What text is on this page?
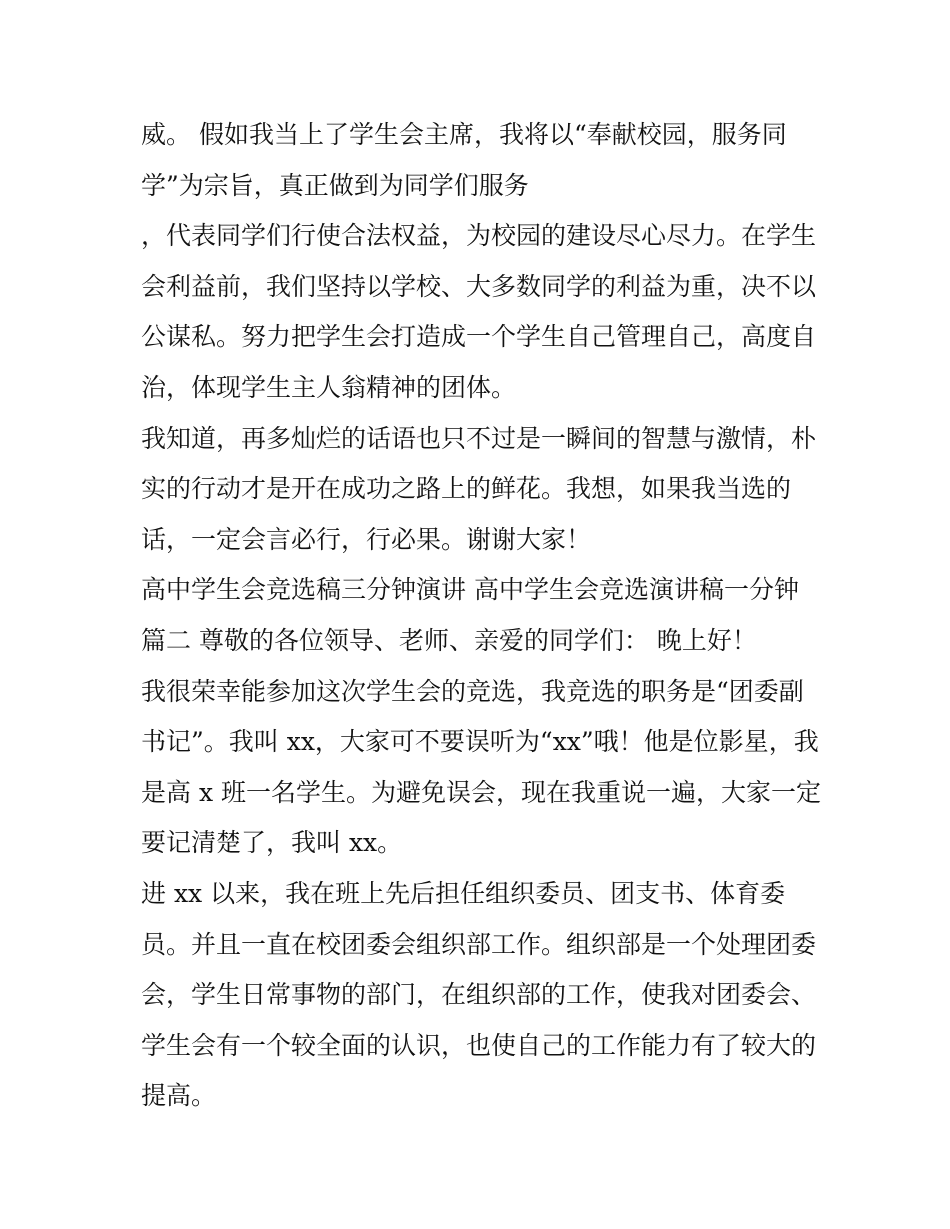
威。 假如我当上了学生会主席，我将以“奉献校园，服务同
学”为宗旨，真正做到为同学们服务
，代表同学们行使合法权益，为校园的建设尽心尽力。在学生
会利益前，我们坚持以学校、大多数同学的利益为重，决不以
公谋私。努力把学生会打造成一个学生自己管理自己，高度自
治，体现学生主人翁精神的团体。
我知道，再多灿烂的话语也只不过是一瞬间的智慧与激情，朴
实的行动才是开在成功之路上的鲜花。我想，如果我当选的
话，一定会言必行，行必果。谢谢大家！
高中学生会竞选稿三分钟演讲 高中学生会竞选演讲稿一分钟
篇二 尊敬的各位领导、老师、亲爱的同学们： 晚上好！
我很荣幸能参加这次学生会的竞选，我竞选的职务是“团委副
书记”。我叫 xx，大家可不要误听为“xx”哦！他是位影星，我
是高 x 班一名学生。为避免误会，现在我重说一遍，大家一定
要记清楚了，我叫 xx。
进 xx 以来，我在班上先后担任组织委员、团支书、体育委
员。并且一直在校团委会组织部工作。组织部是一个处理团委
会，学生日常事物的部门，在组织部的工作，使我对团委会、
学生会有一个较全面的认识，也使自己的工作能力有了较大的
提高。
